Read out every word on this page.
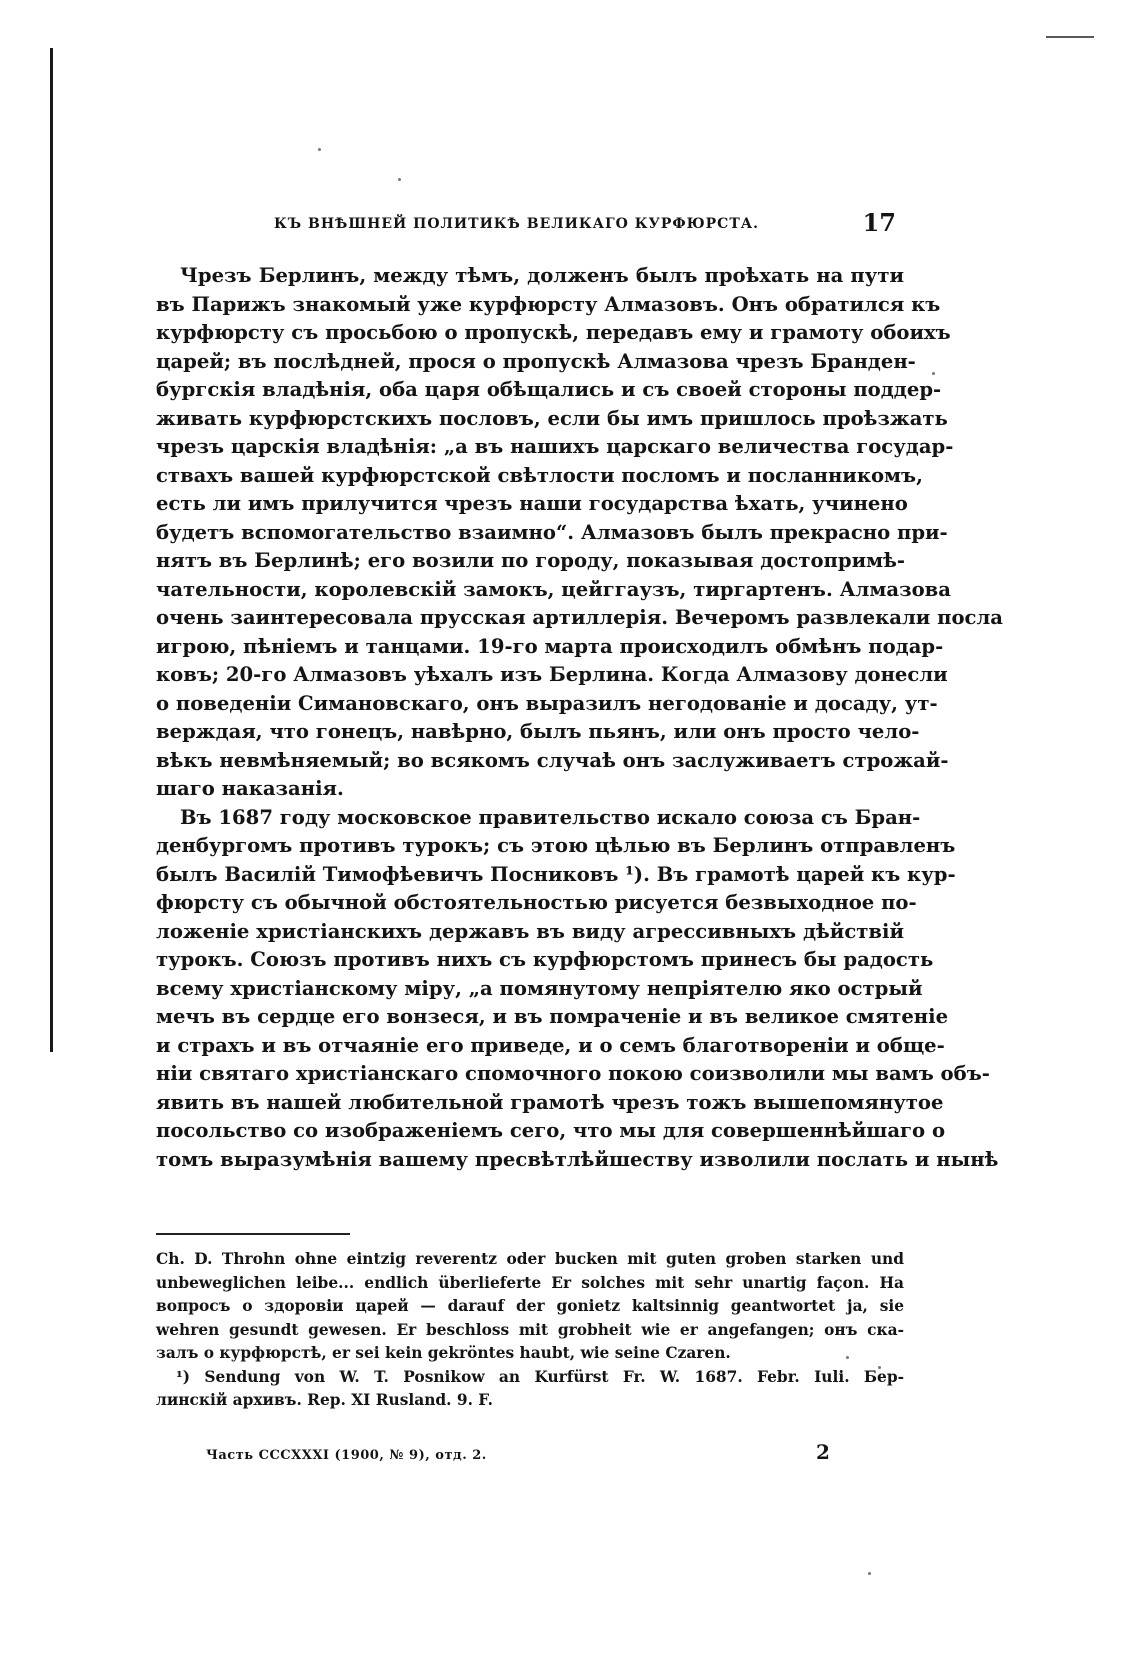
КЪ ВНѢШНЕЙ ПОЛИТИКѢ ВЕЛИКАГО КУРФЮРСТА.	17

Чрезъ Берлинъ, между тѣмъ, долженъ былъ проѣхать на пути

въ Парижъ знакомый уже курфюрсту Алмазовъ. Онъ обратился къ

курфюрсту съ просьбою о пропускѣ, передавъ ему и грамоту обоихъ

царей; въ послѣдней, прося о пропускѣ Алмазова чрезъ Бранден-

бургскія владѣнія, оба царя обѣщались и съ своей стороны поддер-

живать курфюрстскихъ пословъ, если бы имъ пришлось проѣзжать

чрезъ царскія владѣнія: „а въ нашихъ царскаго величества государ-

ствахъ вашей курфюрстской свѣтлости посломъ и посланникомъ,

есть ли имъ прилучится чрезъ наши государства ѣхать, учинено

будетъ вспомогательство взаимно“. Алмазовъ былъ прекрасно при-

нятъ въ Берлинѣ; его возили по городу, показывая достопримѣ-

чательности, королевскій замокъ, цейггаузъ, тиргартенъ. Алмазова

очень заинтересовала прусская артиллерія. Вечеромъ развлекали посла

игрою, пѣніемъ и танцами. 19-го марта происходилъ обмѣнъ подар-

ковъ; 20-го Алмазовъ уѣхалъ изъ Берлина. Когда Алмазову донесли

о поведеніи Симановскаго, онъ выразилъ негодованіе и досаду, ут-

верждая, что гонецъ, навѣрно, былъ пьянъ, или онъ просто чело-

вѣкъ невмѣняемый; во всякомъ случаѣ онъ заслуживаетъ строжай-

шаго наказанія.

Въ 1687 году московское правительство искало союза съ Бран-

денбургомъ противъ турокъ; съ этою цѣлью въ Берлинъ отправленъ

былъ Василій Тимофѣевичъ Посниковъ ¹). Въ грамотѣ царей къ кур-

фюрсту съ обычной обстоятельностью рисуется безвыходное по-

ложеніе христіанскихъ державъ въ виду агрессивныхъ дѣйствій

турокъ. Союзъ противъ нихъ съ курфюрстомъ принесъ бы радость

всему христіанскому міру, „а помянутому непріятелю яко острый

мечъ въ сердце его вонзеся, и въ помраченіе и въ великое смятеніе

и страхъ и въ отчаяніе его приведе, и о семъ благотвореніи и обще-

ніи святаго христіанскаго спомочного покою соизволили мы вамъ объ-

явить въ нашей любительной грамотѣ чрезъ тожъ вышепомянутое

посольство со изображеніемъ сего, что мы для совершеннѣйшаго о

томъ выразумѣнія вашему пресвѣтлѣйшеству изволили послать и нынѣ

Ch. D. Throhn ohne eintzig reverentz oder bucken mit guten groben starken und

unbeweglichen leibe... endlich überlieferte Er solches mit sehr unartig façon. На

вопросъ о здоровіи царей — darauf der gonietz kaltsinnig geantwortet ja, sie

wehren gesundt gewesen. Er beschloss mit grobheit wie er angefangen; онъ ска-

залъ о курфюрстѣ, er sei kein gekröntes haubt, wie seine Czaren.

¹) Sendung von W. T. Posnikow an Kurfürst Fr. W. 1687. Febr. Iuli. Бер-

линскій архивъ. Rep. XI Rusland. 9. F.

Часть CCCXXXI (1900, № 9), отд. 2.	2
